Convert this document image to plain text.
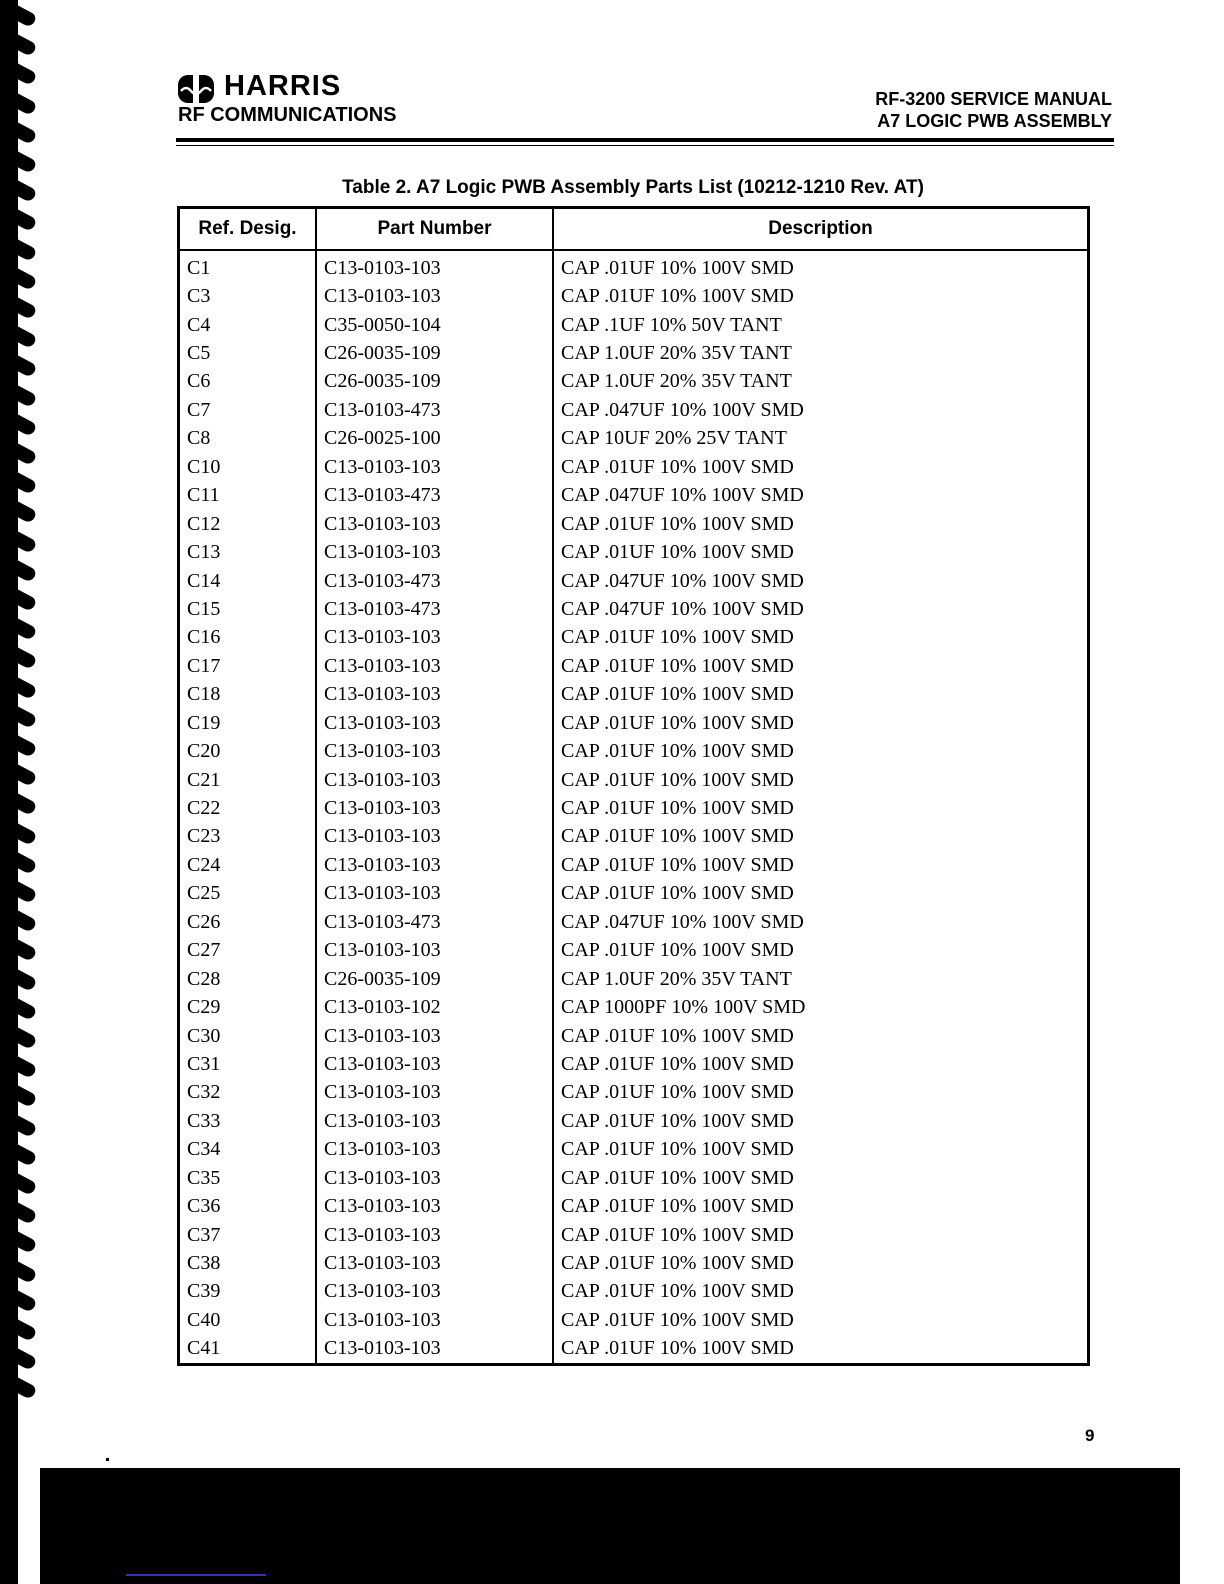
HARRIS
RF COMMUNICATIONS
RF-3200 SERVICE MANUAL
A7 LOGIC PWB ASSEMBLY
Table 2. A7 Logic PWB Assembly Parts List (10212-1210 Rev. AT)
Ref. Desig.	Part Number	Description
C1	C13-0103-103	CAP .01UF 10% 100V SMD
C3	C13-0103-103	CAP .01UF 10% 100V SMD
C4	C35-0050-104	CAP .1UF 10% 50V TANT
C5	C26-0035-109	CAP 1.0UF 20% 35V TANT
C6	C26-0035-109	CAP 1.0UF 20% 35V TANT
C7	C13-0103-473	CAP .047UF 10% 100V SMD
C8	C26-0025-100	CAP 10UF 20% 25V TANT
C10	C13-0103-103	CAP .01UF 10% 100V SMD
C11	C13-0103-473	CAP .047UF 10% 100V SMD
C12	C13-0103-103	CAP .01UF 10% 100V SMD
C13	C13-0103-103	CAP .01UF 10% 100V SMD
C14	C13-0103-473	CAP .047UF 10% 100V SMD
C15	C13-0103-473	CAP .047UF 10% 100V SMD
C16	C13-0103-103	CAP .01UF 10% 100V SMD
C17	C13-0103-103	CAP .01UF 10% 100V SMD
C18	C13-0103-103	CAP .01UF 10% 100V SMD
C19	C13-0103-103	CAP .01UF 10% 100V SMD
C20	C13-0103-103	CAP .01UF 10% 100V SMD
C21	C13-0103-103	CAP .01UF 10% 100V SMD
C22	C13-0103-103	CAP .01UF 10% 100V SMD
C23	C13-0103-103	CAP .01UF 10% 100V SMD
C24	C13-0103-103	CAP .01UF 10% 100V SMD
C25	C13-0103-103	CAP .01UF 10% 100V SMD
C26	C13-0103-473	CAP .047UF 10% 100V SMD
C27	C13-0103-103	CAP .01UF 10% 100V SMD
C28	C26-0035-109	CAP 1.0UF 20% 35V TANT
C29	C13-0103-102	CAP 1000PF 10% 100V SMD
C30	C13-0103-103	CAP .01UF 10% 100V SMD
C31	C13-0103-103	CAP .01UF 10% 100V SMD
C32	C13-0103-103	CAP .01UF 10% 100V SMD
C33	C13-0103-103	CAP .01UF 10% 100V SMD
C34	C13-0103-103	CAP .01UF 10% 100V SMD
C35	C13-0103-103	CAP .01UF 10% 100V SMD
C36	C13-0103-103	CAP .01UF 10% 100V SMD
C37	C13-0103-103	CAP .01UF 10% 100V SMD
C38	C13-0103-103	CAP .01UF 10% 100V SMD
C39	C13-0103-103	CAP .01UF 10% 100V SMD
C40	C13-0103-103	CAP .01UF 10% 100V SMD
C41	C13-0103-103	CAP .01UF 10% 100V SMD
9
